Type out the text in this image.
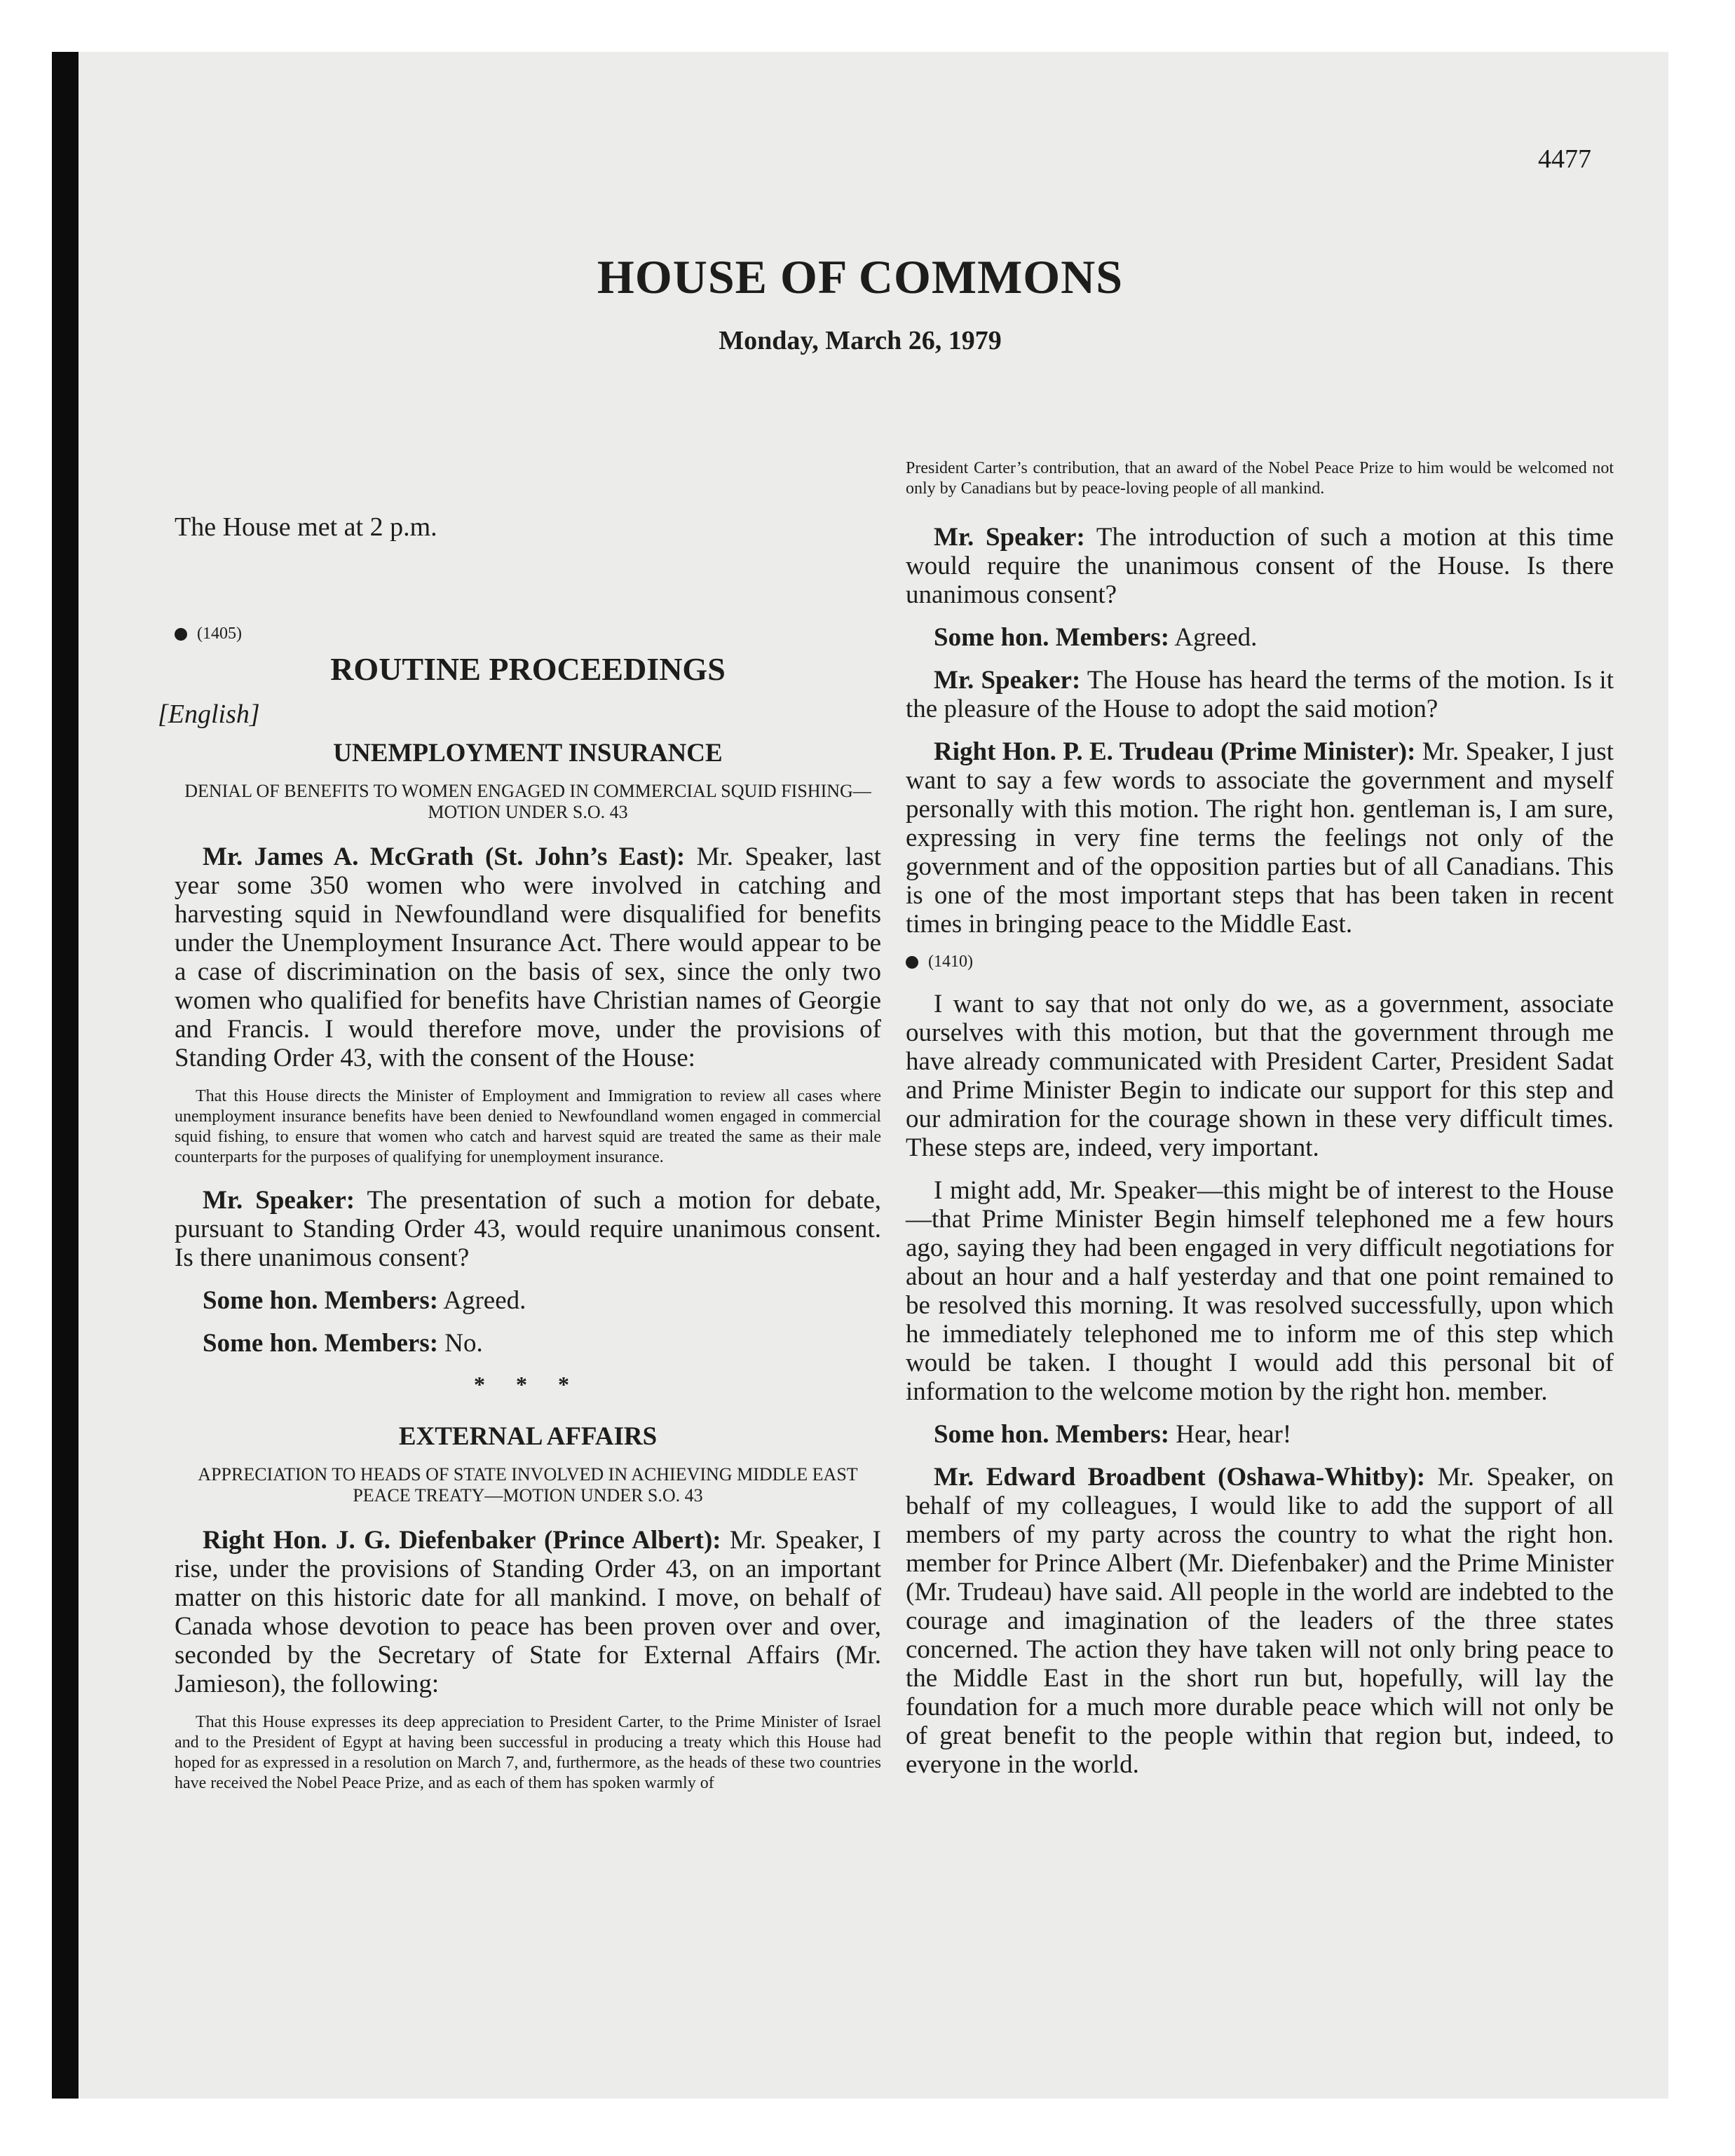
4477
HOUSE OF COMMONS
Monday, March 26, 1979
The House met at 2 p.m.
(1405)
ROUTINE PROCEEDINGS
[English]
UNEMPLOYMENT INSURANCE
DENIAL OF BENEFITS TO WOMEN ENGAGED IN COMMERCIAL SQUID FISHING—MOTION UNDER S.O. 43

Mr. James A. McGrath (St. John’s East): Mr. Speaker, last year some 350 women who were involved in catching and harvesting squid in Newfoundland were disqualified for benefits under the Unemployment Insurance Act. There would appear to be a case of discrimination on the basis of sex, since the only two women who qualified for benefits have Christian names of Georgie and Francis. I would therefore move, under the provisions of Standing Order 43, with the consent of the House:

That this House directs the Minister of Employment and Immigration to review all cases where unemployment insurance benefits have been denied to Newfoundland women engaged in commercial squid fishing, to ensure that women who catch and harvest squid are treated the same as their male counterparts for the purposes of qualifying for unemployment insurance.

Mr. Speaker: The presentation of such a motion for debate, pursuant to Standing Order 43, would require unanimous consent. Is there unanimous consent?

Some hon. Members: Agreed.

Some hon. Members: No.

* * *
EXTERNAL AFFAIRS
APPRECIATION TO HEADS OF STATE INVOLVED IN ACHIEVING MIDDLE EAST PEACE TREATY—MOTION UNDER S.O. 43

Right Hon. J. G. Diefenbaker (Prince Albert): Mr. Speaker, I rise, under the provisions of Standing Order 43, on an important matter on this historic date for all mankind. I move, on behalf of Canada whose devotion to peace has been proven over and over, seconded by the Secretary of State for External Affairs (Mr. Jamieson), the following:

That this House expresses its deep appreciation to President Carter, to the Prime Minister of Israel and to the President of Egypt at having been successful in producing a treaty which this House had hoped for as expressed in a resolution on March 7, and, furthermore, as the heads of these two countries have received the Nobel Peace Prize, and as each of them has spoken warmly of

President Carter’s contribution, that an award of the Nobel Peace Prize to him would be welcomed not only by Canadians but by peace-loving people of all mankind.

Mr. Speaker: The introduction of such a motion at this time would require the unanimous consent of the House. Is there unanimous consent?

Some hon. Members: Agreed.

Mr. Speaker: The House has heard the terms of the motion. Is it the pleasure of the House to adopt the said motion?

Right Hon. P. E. Trudeau (Prime Minister): Mr. Speaker, I just want to say a few words to associate the government and myself personally with this motion. The right hon. gentleman is, I am sure, expressing in very fine terms the feelings not only of the government and of the opposition parties but of all Canadians. This is one of the most important steps that has been taken in recent times in bringing peace to the Middle East.

(1410)

I want to say that not only do we, as a government, associate ourselves with this motion, but that the government through me have already communicated with President Carter, President Sadat and Prime Minister Begin to indicate our support for this step and our admiration for the courage shown in these very difficult times. These steps are, indeed, very important.

I might add, Mr. Speaker—this might be of interest to the House—that Prime Minister Begin himself telephoned me a few hours ago, saying they had been engaged in very difficult negotiations for about an hour and a half yesterday and that one point remained to be resolved this morning. It was resolved successfully, upon which he immediately telephoned me to inform me of this step which would be taken. I thought I would add this personal bit of information to the welcome motion by the right hon. member.

Some hon. Members: Hear, hear!

Mr. Edward Broadbent (Oshawa-Whitby): Mr. Speaker, on behalf of my colleagues, I would like to add the support of all members of my party across the country to what the right hon. member for Prince Albert (Mr. Diefenbaker) and the Prime Minister (Mr. Trudeau) have said. All people in the world are indebted to the courage and imagination of the leaders of the three states concerned. The action they have taken will not only bring peace to the Middle East in the short run but, hopefully, will lay the foundation for a much more durable peace which will not only be of great benefit to the people within that region but, indeed, to everyone in the world.
